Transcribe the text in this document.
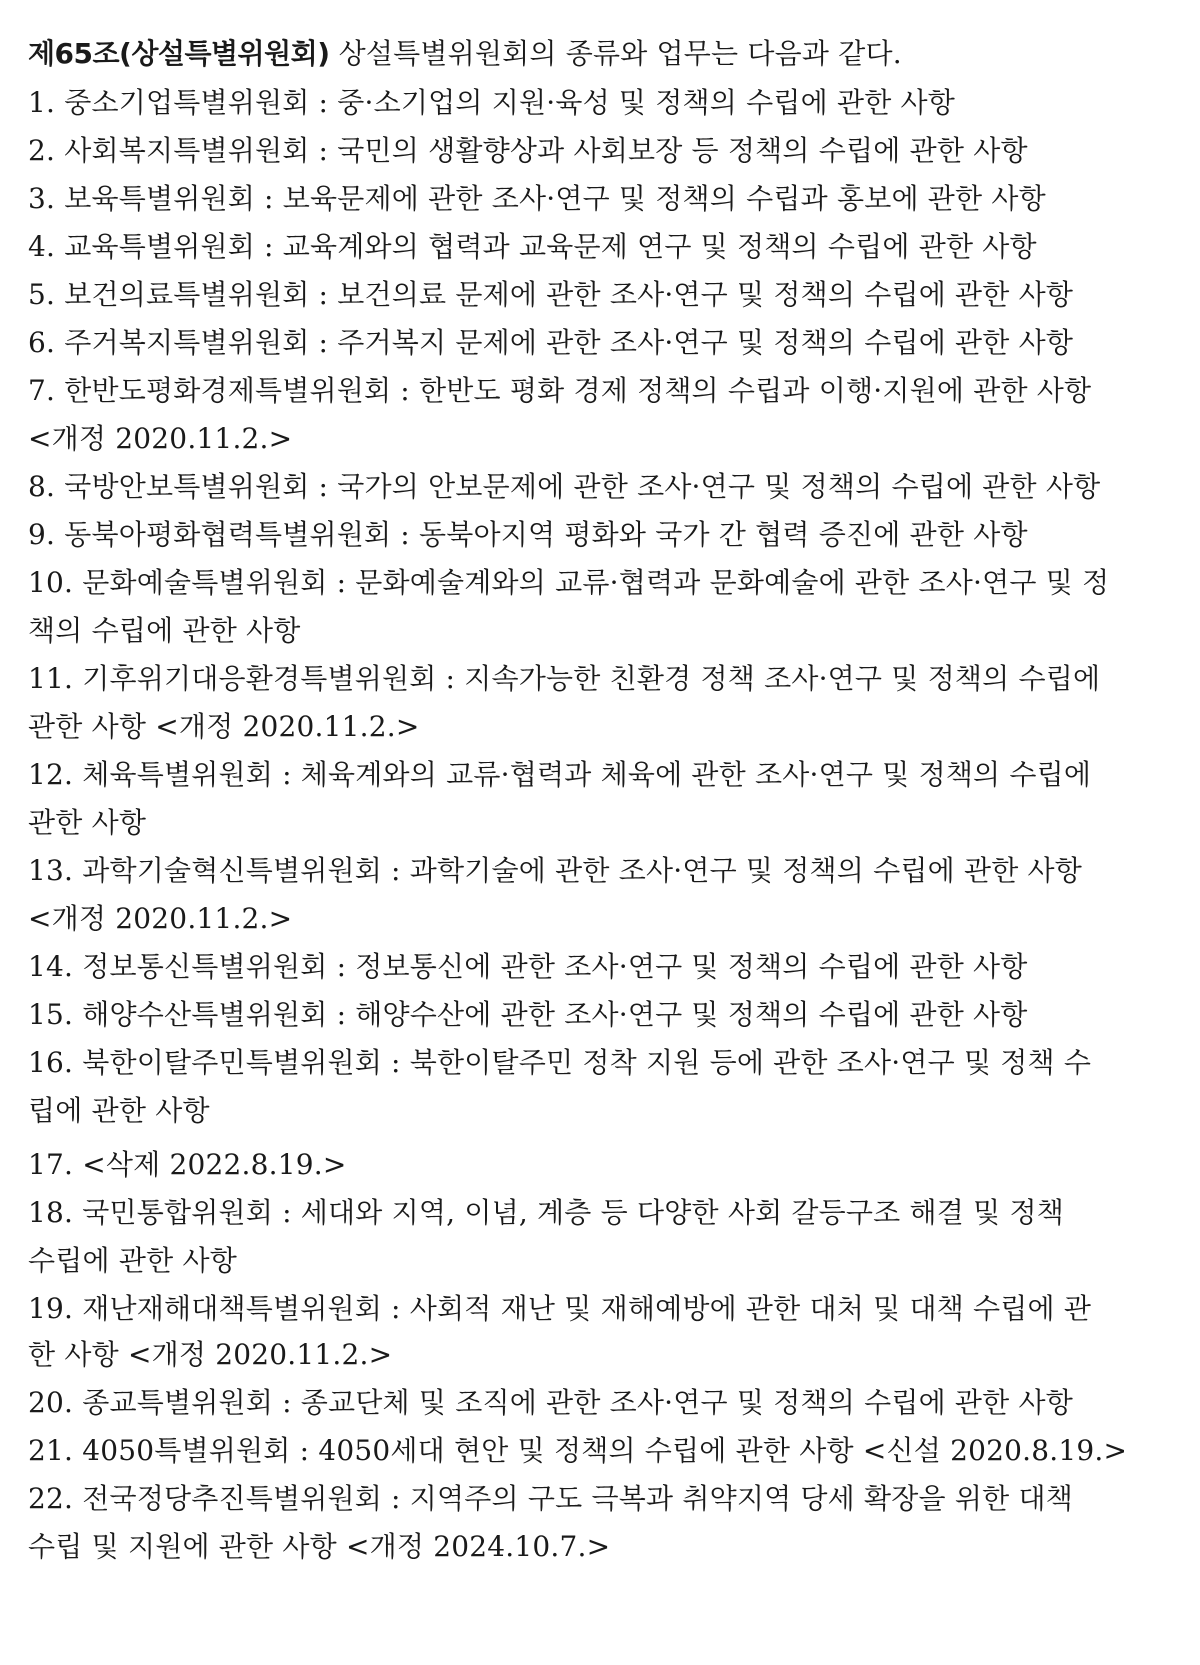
제65조(상설특별위원회) 상설특별위원회의 종류와 업무는 다음과 같다.
1. 중소기업특별위원회 : 중·소기업의 지원·육성 및 정책의 수립에 관한 사항
2. 사회복지특별위원회 : 국민의 생활향상과 사회보장 등 정책의 수립에 관한 사항
3. 보육특별위원회 : 보육문제에 관한 조사·연구 및 정책의 수립과 홍보에 관한 사항
4. 교육특별위원회 : 교육계와의 협력과 교육문제 연구 및 정책의 수립에 관한 사항
5. 보건의료특별위원회 : 보건의료 문제에 관한 조사·연구 및 정책의 수립에 관한 사항
6. 주거복지특별위원회 : 주거복지 문제에 관한 조사·연구 및 정책의 수립에 관한 사항
7. 한반도평화경제특별위원회 : 한반도 평화 경제 정책의 수립과 이행·지원에 관한 사항
<개정 2020.11.2.>
8. 국방안보특별위원회 : 국가의 안보문제에 관한 조사·연구 및 정책의 수립에 관한 사항
9. 동북아평화협력특별위원회 : 동북아지역 평화와 국가 간 협력 증진에 관한 사항
10. 문화예술특별위원회 : 문화예술계와의 교류·협력과 문화예술에 관한 조사·연구 및 정
책의 수립에 관한 사항
11. 기후위기대응환경특별위원회 : 지속가능한 친환경 정책 조사·연구 및 정책의 수립에
관한 사항 <개정 2020.11.2.>
12. 체육특별위원회 : 체육계와의 교류·협력과 체육에 관한 조사·연구 및 정책의 수립에
관한 사항
13. 과학기술혁신특별위원회 : 과학기술에 관한 조사·연구 및 정책의 수립에 관한 사항
<개정 2020.11.2.>
14. 정보통신특별위원회 : 정보통신에 관한 조사·연구 및 정책의 수립에 관한 사항
15. 해양수산특별위원회 : 해양수산에 관한 조사·연구 및 정책의 수립에 관한 사항
16. 북한이탈주민특별위원회 : 북한이탈주민 정착 지원 등에 관한 조사·연구 및 정책 수
립에 관한 사항
17. <삭제 2022.8.19.>
18. 국민통합위원회 : 세대와 지역, 이념, 계층 등 다양한 사회 갈등구조 해결 및 정책
수립에 관한 사항
19. 재난재해대책특별위원회 : 사회적 재난 및 재해예방에 관한 대처 및 대책 수립에 관
한 사항 <개정 2020.11.2.>
20. 종교특별위원회 : 종교단체 및 조직에 관한 조사·연구 및 정책의 수립에 관한 사항
21. 4050특별위원회 : 4050세대 현안 및 정책의 수립에 관한 사항 <신설 2020.8.19.>
22. 전국정당추진특별위원회 : 지역주의 구도 극복과 취약지역 당세 확장을 위한 대책
수립 및 지원에 관한 사항 <개정 2024.10.7.>
